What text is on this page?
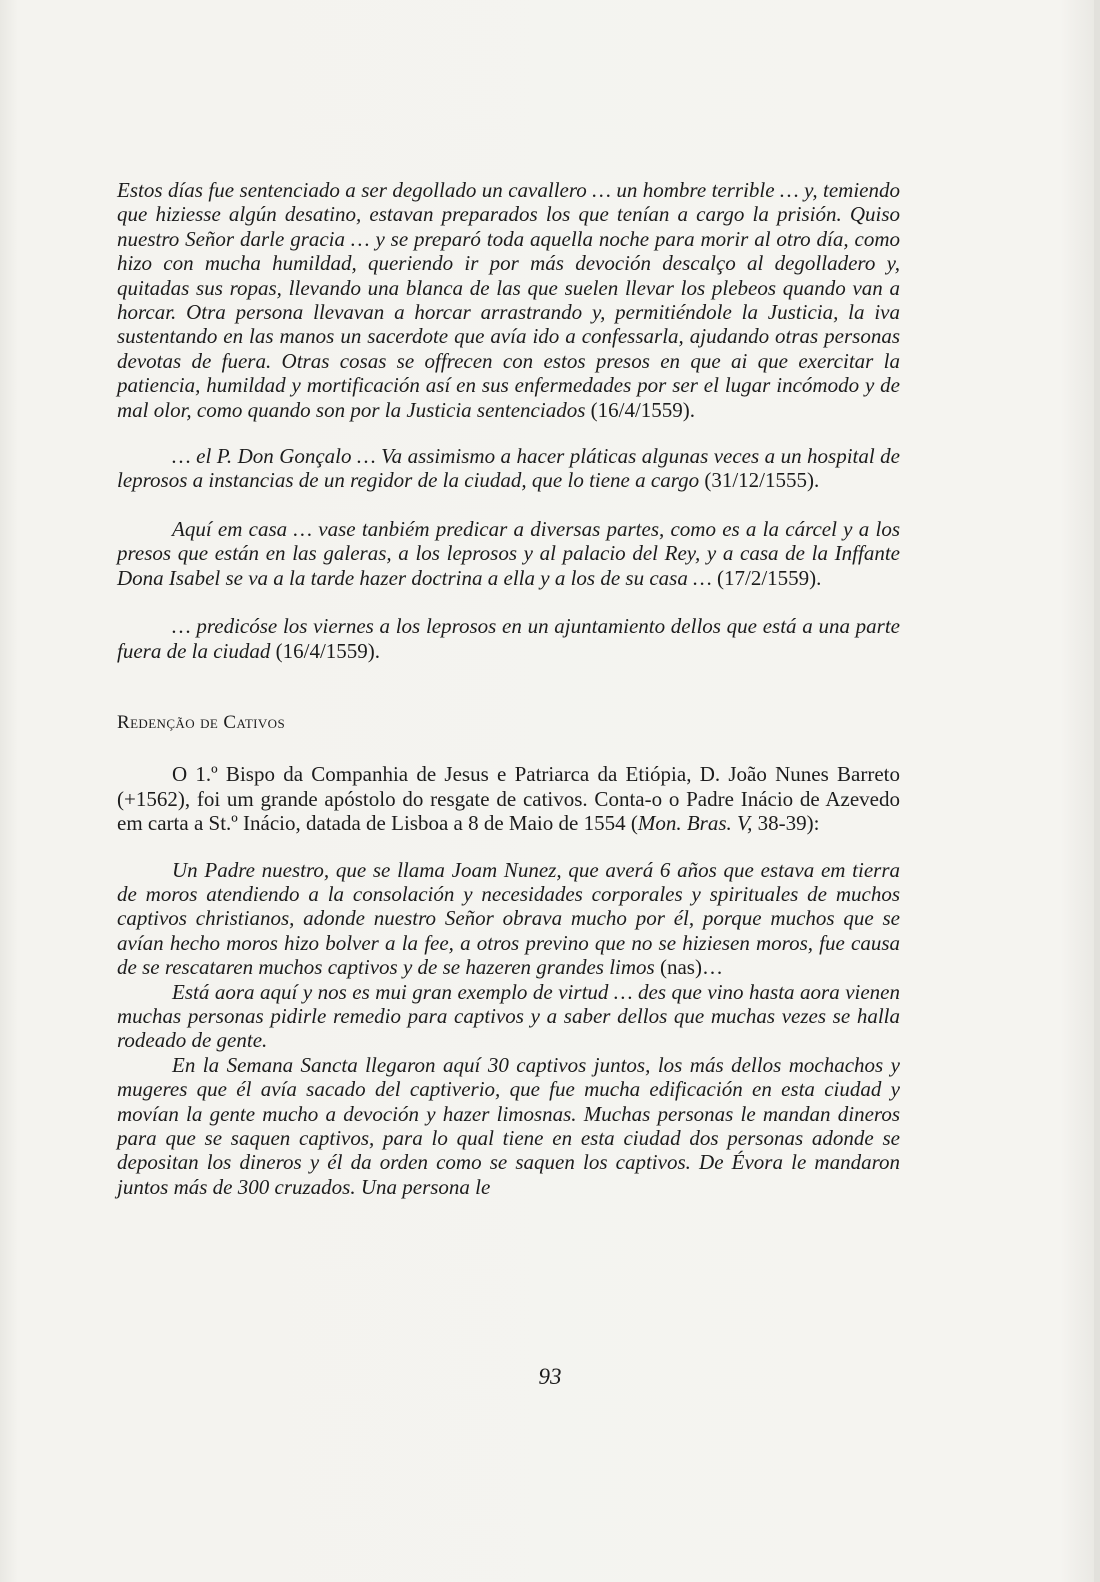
Estos días fue sentenciado a ser degollado un cavallero … un hombre terrible … y, temiendo que hiziesse algún desatino, estavan preparados los que tenían a cargo la prisión. Quiso nuestro Señor darle gracia … y se preparó toda aquella noche para morir al otro día, como hizo con mucha humildad, queriendo ir por más devoción descalço al degolladero y, quitadas sus ropas, llevando una blanca de las que suelen llevar los plebeos quando van a horcar. Otra persona llevavan a horcar arrastrando y, permitiéndole la Justicia, la iva sustentando en las manos un sacerdote que avía ido a confessarla, ajudando otras personas devotas de fuera. Otras cosas se offrecen con estos presos en que ai que exercitar la patiencia, humildad y mortificación así en sus enfermedades por ser el lugar incómodo y de mal olor, como quando son por la Justicia sentenciados (16/4/1559).

… el P. Don Gonçalo … Va assimismo a hacer pláticas algunas veces a un hospital de leprosos a instancias de un regidor de la ciudad, que lo tiene a cargo (31/12/1555).

Aquí em casa … vase tanbiém predicar a diversas partes, como es a la cárcel y a los presos que están en las galeras, a los leprosos y al palacio del Rey, y a casa de la Inffante Dona Isabel se va a la tarde hazer doctrina a ella y a los de su casa … (17/2/1559).

… predicóse los viernes a los leprosos en un ajuntamiento dellos que está a una parte fuera de la ciudad (16/4/1559).

Redenção de Cativos

O 1.º Bispo da Companhia de Jesus e Patriarca da Etiópia, D. João Nunes Barreto (+1562), foi um grande apóstolo do resgate de cativos. Conta-o o Padre Inácio de Azevedo em carta a St.º Inácio, datada de Lisboa a 8 de Maio de 1554 (Mon. Bras. V, 38-39):

Un Padre nuestro, que se llama Joam Nunez, que averá 6 años que estava em tierra de moros atendiendo a la consolación y necesidades corporales y spirituales de muchos captivos christianos, adonde nuestro Señor obrava mucho por él, porque muchos que se avían hecho moros hizo bolver a la fee, a otros previno que no se hiziesen moros, fue causa de se rescataren muchos captivos y de se hazeren grandes limos (nas)…

Está aora aquí y nos es mui gran exemplo de virtud … des que vino hasta aora vienen muchas personas pidirle remedio para captivos y a saber dellos que muchas vezes se halla rodeado de gente.

En la Semana Sancta llegaron aquí 30 captivos juntos, los más dellos mochachos y mugeres que él avía sacado del captiverio, que fue mucha edificación en esta ciudad y movían la gente mucho a devoción y hazer limosnas. Muchas personas le mandan dineros para que se saquen captivos, para lo qual tiene en esta ciudad dos personas adonde se depositan los dineros y él da orden como se saquen los captivos. De Évora le mandaron juntos más de 300 cruzados. Una persona le

93
